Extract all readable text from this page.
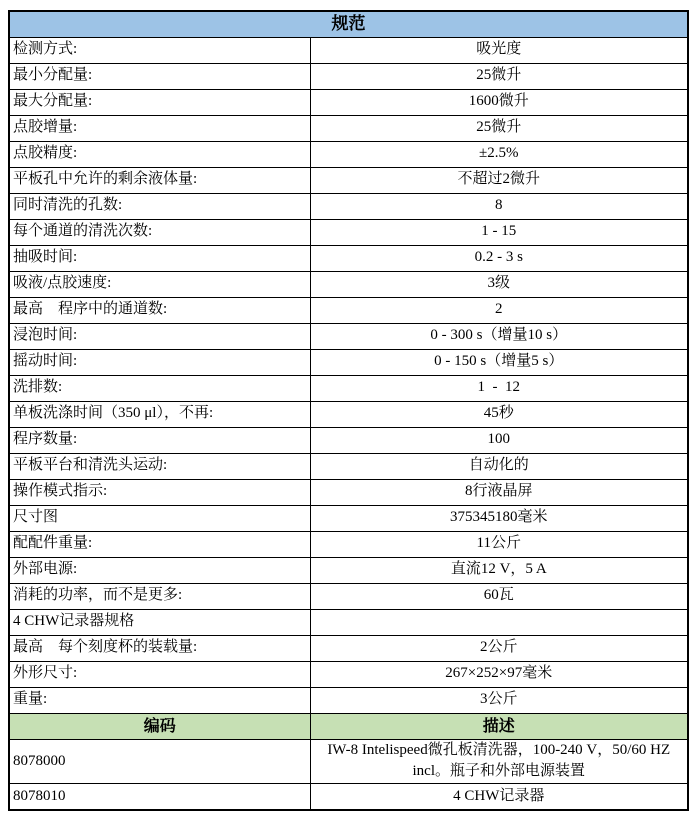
规范	
检测方式:	吸光度
最小分配量:	25微升
最大分配量:	1600微升
点胶增量:	25微升
点胶精度:	±2.5%
平板孔中允许的剩余液体量:	不超过2微升
同时清洗的孔数:	8
每个通道的清洗次数:	1 - 15
抽吸时间:	0.2 - 3 s
吸液/点胶速度:	3级
最高　程序中的通道数:	2
浸泡时间:	0 - 300 s（增量10 s）
摇动时间:	0 - 150 s（增量5 s）
洗排数:	1  -  12
单板洗涤时间（350 μl），不再:	45秒
程序数量:	100
平板平台和清洗头运动:	自动化的
操作模式指示:	8行液晶屏
尺寸图	375345180毫米
配配件重量:	11公斤
外部电源:	直流12 V，5 A
消耗的功率，而不是更多:	60瓦
4 CHW记录器规格	
最高　每个刻度杯的装载量:	2公斤
外形尺寸:	267×252×97毫米
重量:	3公斤
编码	描述
8078000	IW-8 Intelispeed微孔板清洗器，100-240 V，50/60 HZ incl。瓶子和外部电源装置
8078010	4 CHW记录器
